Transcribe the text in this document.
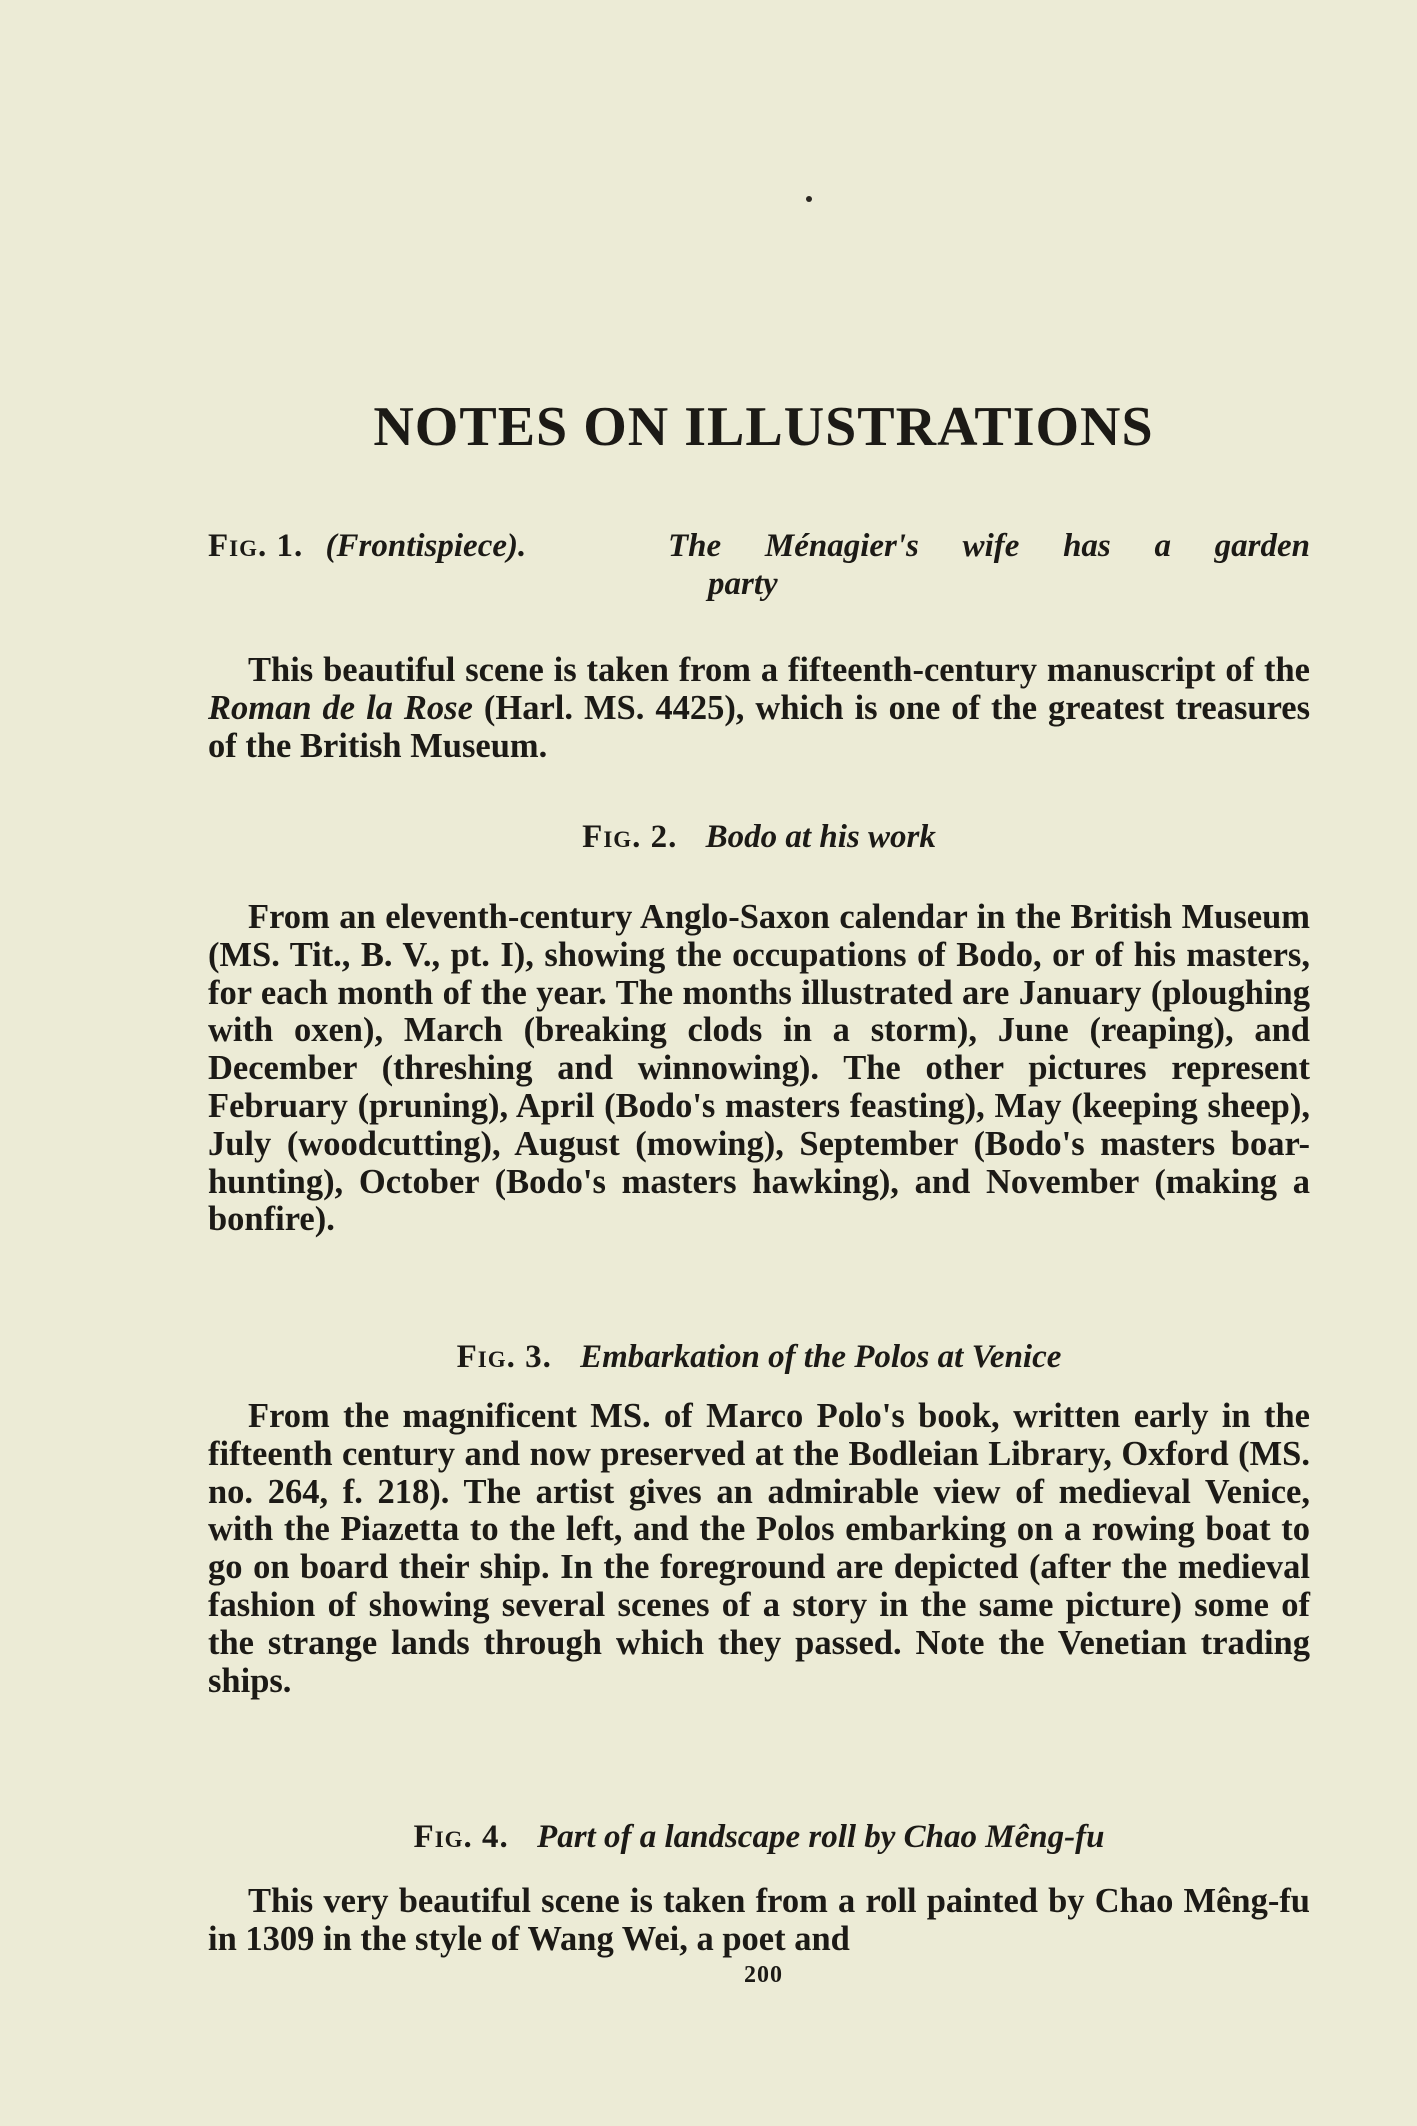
NOTES ON ILLUSTRATIONS
Fig. 1. (Frontispiece).	The Ménagier's wife has a garden
party

This beautiful scene is taken from a fifteenth-century manuscript of the Roman de la Rose (Harl. MS. 4425), which is one of the greatest treasures of the British Museum.

Fig. 2. Bodo at his work

From an eleventh-century Anglo-Saxon calendar in the British Museum (MS. Tit., B. V., pt. I), showing the occupations of Bodo, or of his masters, for each month of the year. The months illustrated are January (ploughing with oxen), March (breaking clods in a storm), June (reaping), and December (threshing and winnowing). The other pictures represent February (pruning), April (Bodo's masters feasting), May (keeping sheep), July (woodcutting), August (mowing), September (Bodo's masters boar-hunting), October (Bodo's masters hawking), and November (making a bonfire).

Fig. 3. Embarkation of the Polos at Venice

From the magnificent MS. of Marco Polo's book, written early in the fifteenth century and now preserved at the Bodleian Library, Oxford (MS. no. 264, f. 218). The artist gives an admirable view of medieval Venice, with the Piazetta to the left, and the Polos embarking on a rowing boat to go on board their ship. In the foreground are depicted (after the medieval fashion of showing several scenes of a story in the same picture) some of the strange lands through which they passed. Note the Venetian trading ships.

Fig. 4. Part of a landscape roll by Chao Mêng-fu

This very beautiful scene is taken from a roll painted by Chao Mêng-fu in 1309 in the style of Wang Wei, a poet and

200
